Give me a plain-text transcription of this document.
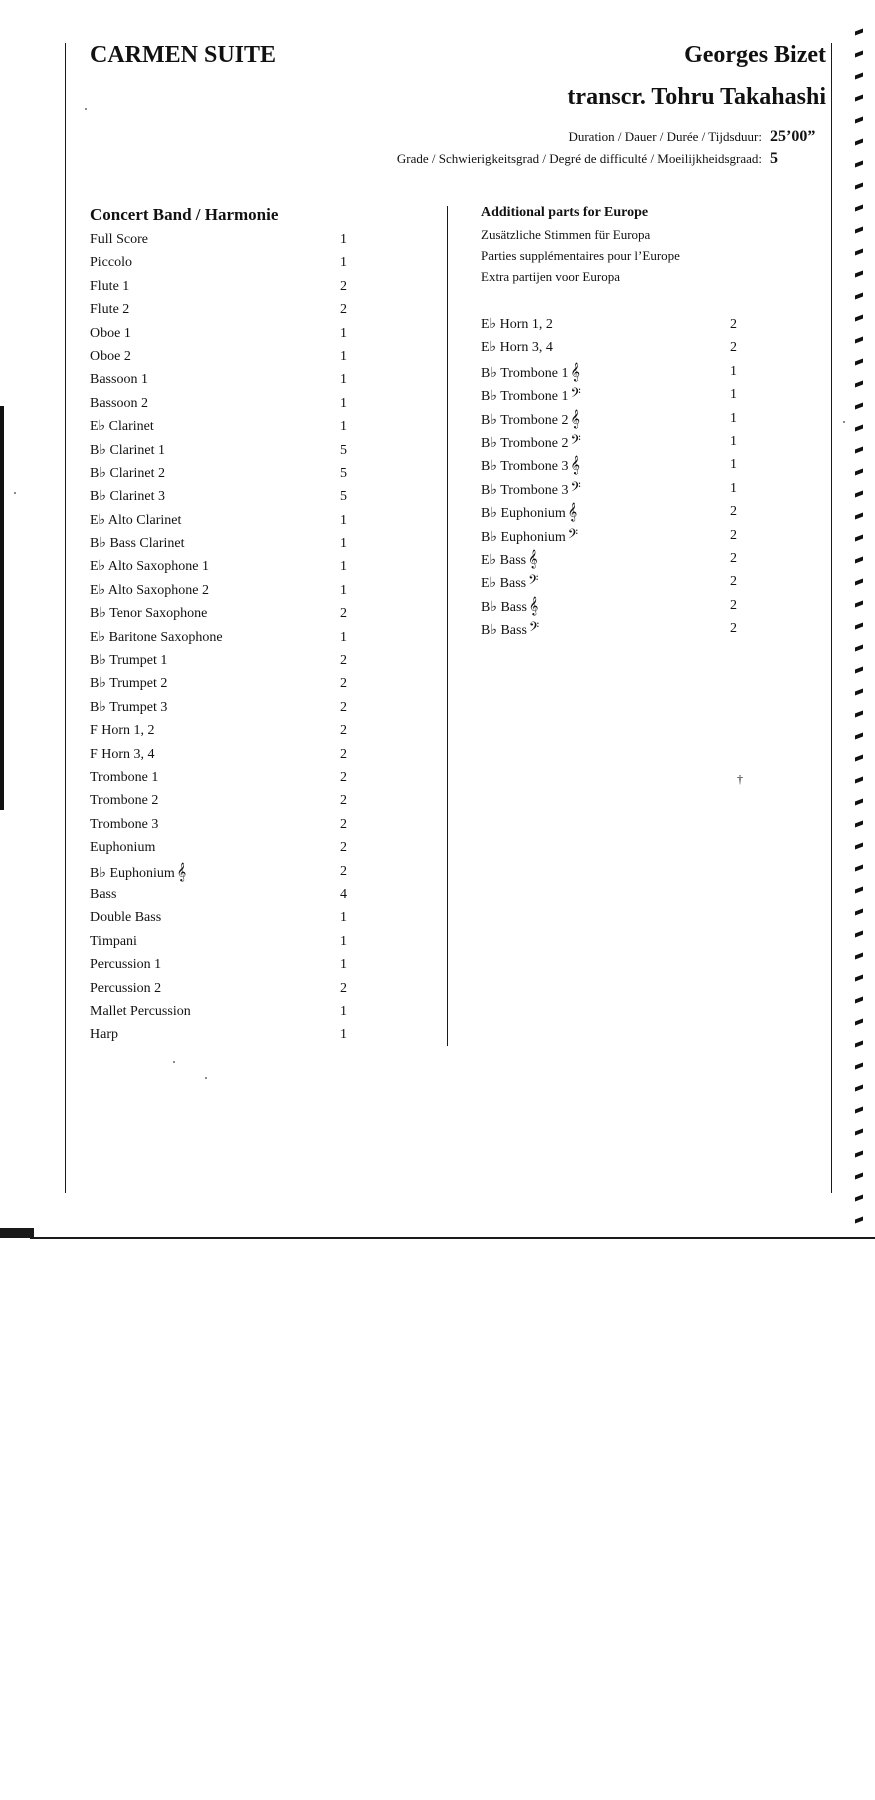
CARMEN SUITE	Georges Bizet
transcr. Tohru Takahashi
Duration / Dauer / Durée / Tijdsduur: 25’00”
Grade / Schwierigkeitsgrad / Degré de difficulté / Moeilijkheidsgraad: 5
Concert Band / Harmonie
Full Score	1
Piccolo	1
Flute 1	2
Flute 2	2
Oboe 1	1
Oboe 2	1
Bassoon 1	1
Bassoon 2	1
E♭ Clarinet	1
B♭ Clarinet 1	5
B♭ Clarinet 2	5
B♭ Clarinet 3	5
E♭ Alto Clarinet	1
B♭ Bass Clarinet	1
E♭ Alto Saxophone 1	1
E♭ Alto Saxophone 2	1
B♭ Tenor Saxophone	2
E♭ Baritone Saxophone	1
B♭ Trumpet 1	2
B♭ Trumpet 2	2
B♭ Trumpet 3	2
F Horn 1, 2	2
F Horn 3, 4	2
Trombone 1	2
Trombone 2	2
Trombone 3	2
Euphonium	2
B♭ Euphonium 𝄞	2
Bass	4
Double Bass	1
Timpani	1
Percussion 1	1
Percussion 2	2
Mallet Percussion	1
Harp	1
Additional parts for Europe
Zusätzliche Stimmen für Europa
Parties supplémentaires pour l’Europe
Extra partijen voor Europa
E♭ Horn 1, 2	2
E♭ Horn 3, 4	2
B♭ Trombone 1 𝄞	1
B♭ Trombone 1 𝄢	1
B♭ Trombone 2 𝄞	1
B♭ Trombone 2 𝄢	1
B♭ Trombone 3 𝄞	1
B♭ Trombone 3 𝄢	1
B♭ Euphonium 𝄞	2
B♭ Euphonium 𝄢	2
E♭ Bass 𝄞	2
E♭ Bass 𝄢	2
B♭ Bass 𝄞	2
B♭ Bass 𝄢	2
†
